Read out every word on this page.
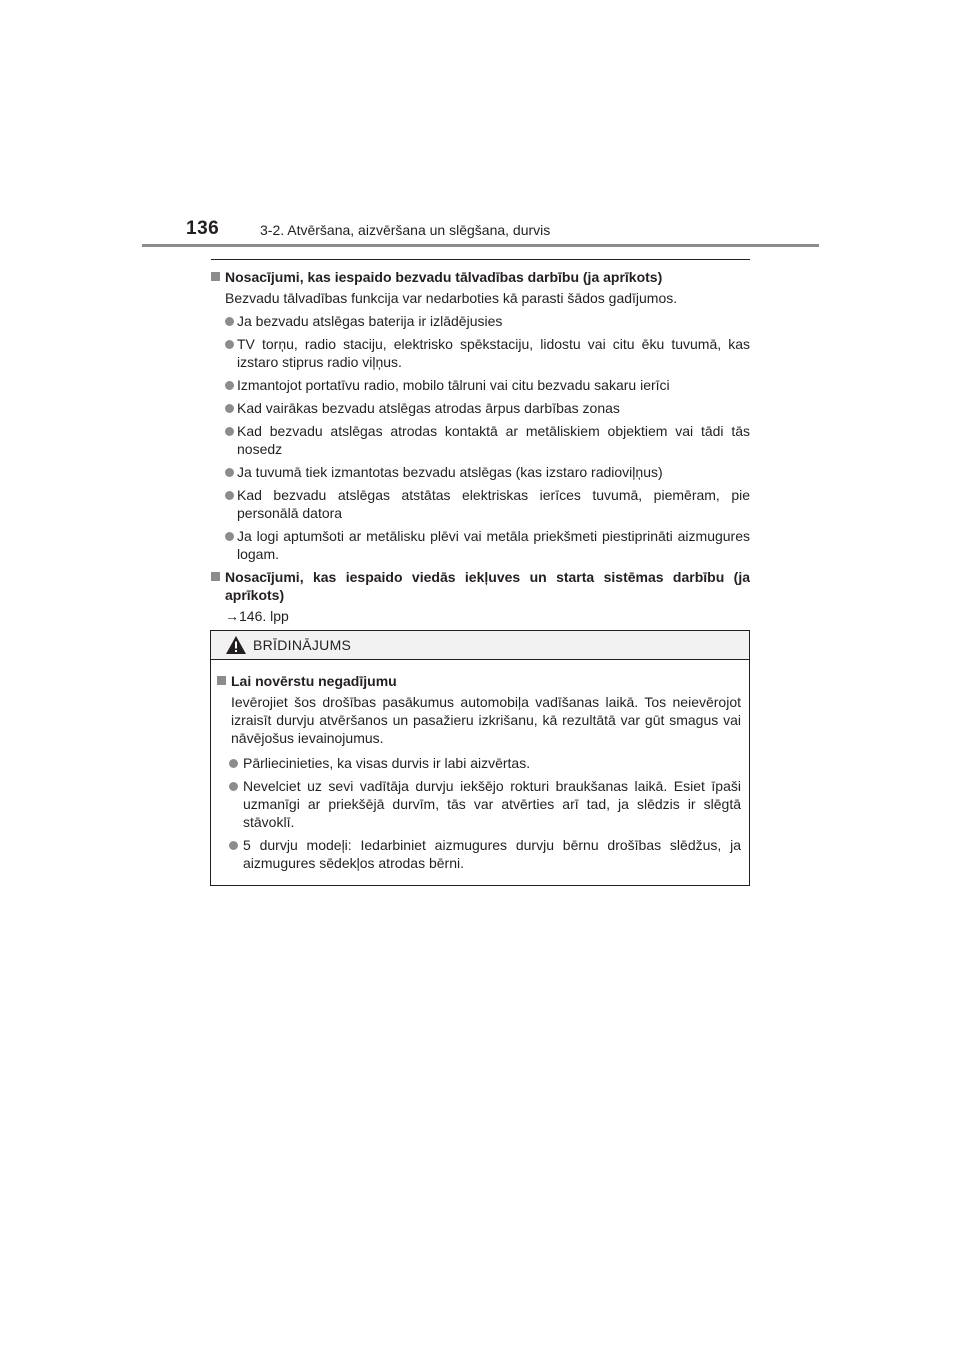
136	3-2. Atvēršana, aizvēršana un slēgšana, durvis
Nosacījumi, kas iespaido bezvadu tālvadības darbību (ja aprīkots)
Bezvadu tālvadības funkcija var nedarboties kā parasti šādos gadījumos.
Ja bezvadu atslēgas baterija ir izlādējusies
TV torņu, radio staciju, elektrisko spēkstaciju, lidostu vai citu ēku tuvumā, kas izstaro stiprus radio viļņus.
Izmantojot portatīvu radio, mobilo tālruni vai citu bezvadu sakaru ierīci
Kad vairākas bezvadu atslēgas atrodas ārpus darbības zonas
Kad bezvadu atslēgas atrodas kontaktā ar metāliskiem objektiem vai tādi tās nosedz
Ja tuvumā tiek izmantotas bezvadu atslēgas (kas izstaro radioviļņus)
Kad bezvadu atslēgas atstātas elektriskas ierīces tuvumā, piemēram, pie personālā datora
Ja logi aptumšoti ar metālisku plēvi vai metāla priekšmeti piestiprināti aizmugures logam.
Nosacījumi, kas iespaido viedās iekļuves un starta sistēmas darbību (ja aprīkots)
→146. lpp
BRĪDINĀJUMS
Lai novērstu negadījumu
Ievērojiet šos drošības pasākumus automobiļa vadīšanas laikā. Tos neievērojot izraisīt durvju atvēršanos un pasažieru izkrišanu, kā rezultātā var gūt smagus vai nāvējošus ievainojumus.
Pārliecinieties, ka visas durvis ir labi aizvērtas.
Nevelciet uz sevi vadītāja durvju iekšējo rokturi braukšanas laikā. Esiet īpaši uzmanīgi ar priekšējā durvīm, tās var atvērties arī tad, ja slēdzis ir slēgtā stāvoklī.
5 durvju modeļi: Iedarbiniet aizmugures durvju bērnu drošības slēdžus, ja aizmugures sēdekļos atrodas bērni.
